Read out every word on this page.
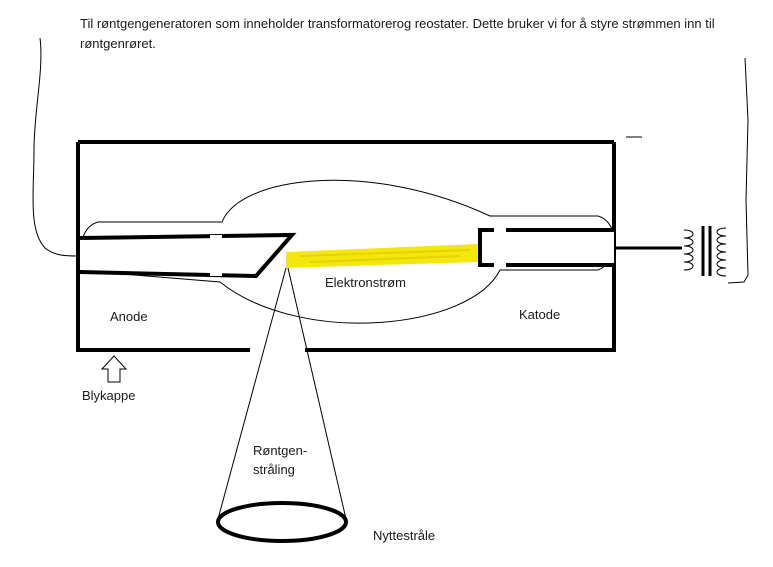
Til røntgengeneratoren som inneholder transformatorerog reostater. Dette bruker vi for å styre strømmen inn til røntgenrøret.
Elektronstrøm
Anode	Katode
Blykappe
Røntgen-
stråling
Nyttestråle
